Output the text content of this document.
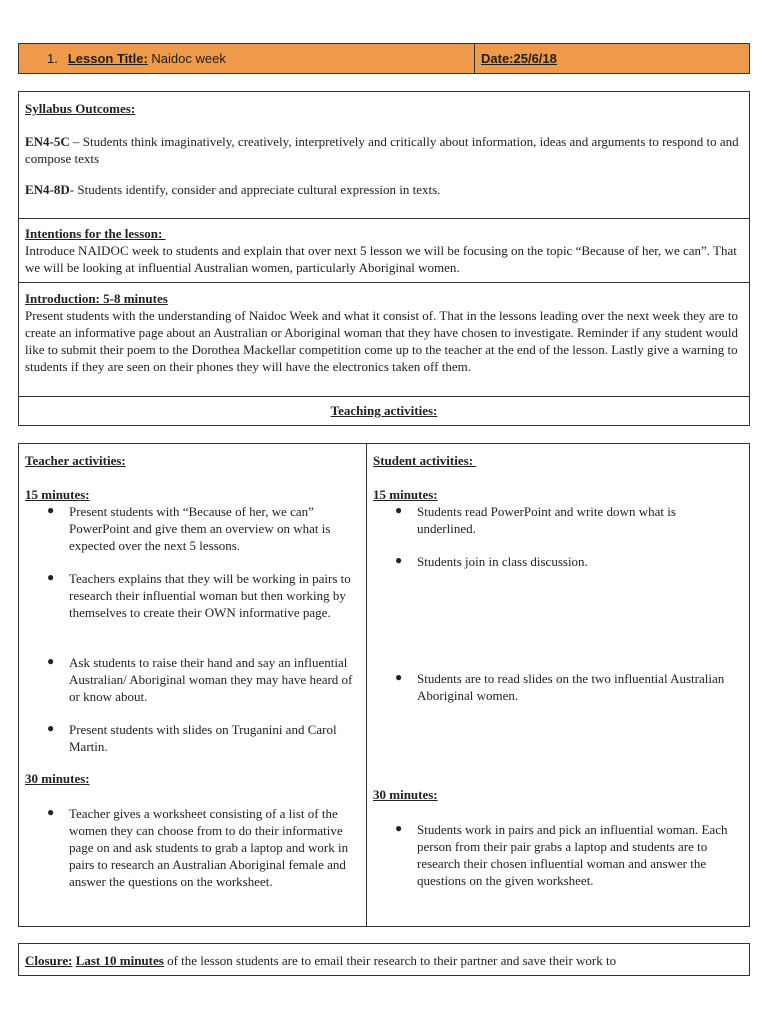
1. Lesson Title: Naidoc week	Date:25/6/18

Syllabus Outcomes:

EN4-5C – Students think imaginatively, creatively, interpretively and critically about information, ideas and arguments to respond to and compose texts

EN4-8D- Students identify, consider and appreciate cultural expression in texts.

Intentions for the lesson:

Introduce NAIDOC week to students and explain that over next 5 lesson we will be focusing on the topic “Because of her, we can”. That we will be looking at influential Australian women, particularly Aboriginal women.

Introduction: 5-8 minutes

Present students with the understanding of Naidoc Week and what it consist of. That in the lessons leading over the next week they are to create an informative page about an Australian or Aboriginal woman that they have chosen to investigate. Reminder if any student would like to submit their poem to the Dorothea Mackellar competition come up to the teacher at the end of the lesson. Lastly give a warning to students if they are seen on their phones they will have the electronics taken off them.

Teaching activities:
Teacher activities:
15 minutes:
● Present students with “Because of her, we can” PowerPoint and give them an overview on what is expected over the next 5 lessons.

● Teachers explains that they will be working in pairs to research their influential woman but then working by themselves to create their OWN informative page.

● Ask students to raise their hand and say an influential Australian/ Aboriginal woman they may have heard of or know about.

● Present students with slides on Truganini and Carol Martin.

30 minutes:
● Teacher gives a worksheet consisting of a list of the women they can choose from to do their informative page on and ask students to grab a laptop and work in pairs to research an Australian Aboriginal female and answer the questions on the worksheet.

Student activities:
15 minutes:
● Students read PowerPoint and write down what is underlined.

● Students join in class discussion.

● Students are to read slides on the two influential Australian Aboriginal women.

30 minutes:
● Students work in pairs and pick an influential woman. Each person from their pair grabs a laptop and students are to research their chosen influential woman and answer the questions on the given worksheet.

Closure: Last 10 minutes of the lesson students are to email their research to their partner and save their work to
